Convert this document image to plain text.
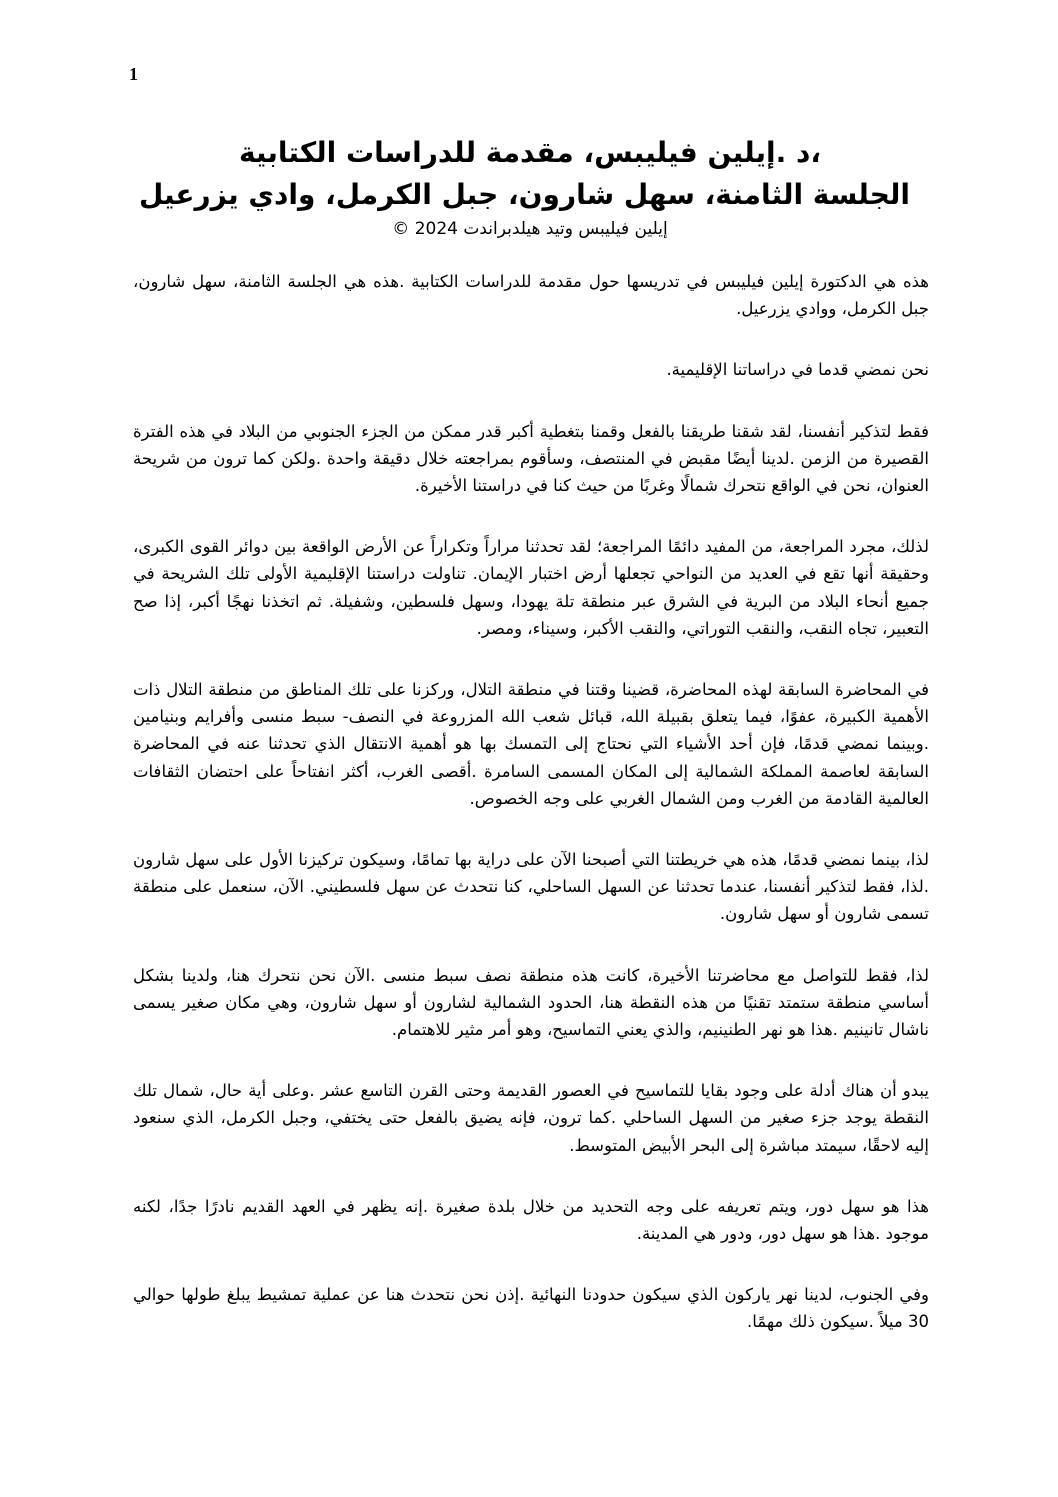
1
،د .إيلين فيليبس، مقدمة للدراسات الكتابية
الجلسة الثامنة، سهل شارون، جبل الكرمل، وادي يزرعيل
إيلين فيليبس وتيد هيلدبراندت 2024 ©

هذه هي الدكتورة إيلين فيليبس في تدريسها حول مقدمة للدراسات الكتابية .هذه هي الجلسة الثامنة، سهل شارون، جبل الكرمل، ووادي يزرعيل.

نحن نمضي قدما في دراساتنا الإقليمية.

فقط لتذكير أنفسنا، لقد شقنا طريقنا بالفعل وقمنا بتغطية أكبر قدر ممكن من الجزء الجنوبي من البلاد في هذه الفترة القصيرة من الزمن .لدينا أيضًا مقبض في المنتصف، وسأقوم بمراجعته خلال دقيقة واحدة .ولكن كما ترون من شريحة العنوان، نحن في الواقع نتحرك شمالًا وغربًا من حيث كنا في دراستنا الأخيرة.

لذلك، مجرد المراجعة، من المفيد دائمًا المراجعة؛ لقد تحدثنا مراراً وتكراراً عن الأرض الواقعة بين دوائر القوى الكبرى، وحقيقة أنها تقع في العديد من النواحي تجعلها أرض اختبار الإيمان. تناولت دراستنا الإقليمية الأولى تلك الشريحة في جميع أنحاء البلاد من البرية في الشرق عبر منطقة تلة يهودا، وسهل فلسطين، وشفيلة. ثم اتخذنا نهجًا أكبر، إذا صح التعبير، تجاه النقب، والنقب التوراتي، والنقب الأكبر، وسيناء، ومصر.

في المحاضرة السابقة لهذه المحاضرة، قضينا وقتنا في منطقة التلال، وركزنا على تلك المناطق من منطقة التلال ذات الأهمية الكبيرة، عفوًا، فيما يتعلق بقبيلة الله، قبائل شعب الله المزروعة في النصف- سبط منسى وأفرايم وبنيامين .وبينما نمضي قدمًا، فإن أحد الأشياء التي نحتاج إلى التمسك بها هو أهمية الانتقال الذي تحدثنا عنه في المحاضرة السابقة لعاصمة المملكة الشمالية إلى المكان المسمى السامرة .أقصى الغرب، أكثر انفتاحاً على احتضان الثقافات العالمية القادمة من الغرب ومن الشمال الغربي على وجه الخصوص.

لذا، بينما نمضي قدمًا، هذه هي خريطتنا التي أصبحنا الآن على دراية بها تمامًا، وسيكون تركيزنا الأول على سهل شارون .لذا، فقط لتذكير أنفسنا، عندما تحدثنا عن السهل الساحلي، كنا نتحدث عن سهل فلسطيني. الآن، سنعمل على منطقة تسمى شارون أو سهل شارون.

لذا، فقط للتواصل مع محاضرتنا الأخيرة، كانت هذه منطقة نصف سبط منسى .الآن نحن نتحرك هنا، ولدينا بشكل أساسي منطقة ستمتد تقنيًا من هذه النقطة هنا، الحدود الشمالية لشارون أو سهل شارون، وهي مكان صغير يسمى ناشال تانينيم .هذا هو نهر الطنينيم، والذي يعني التماسيح، وهو أمر مثير للاهتمام.

يبدو أن هناك أدلة على وجود بقايا للتماسيح في العصور القديمة وحتى القرن التاسع عشر .وعلى أية حال، شمال تلك النقطة يوجد جزء صغير من السهل الساحلي .كما ترون، فإنه يضيق بالفعل حتى يختفي، وجبل الكرمل، الذي سنعود إليه لاحقًا، سيمتد مباشرة إلى البحر الأبيض المتوسط.

هذا هو سهل دور، ويتم تعريفه على وجه التحديد من خلال بلدة صغيرة .إنه يظهر في العهد القديم نادرًا جدًا، لكنه موجود .هذا هو سهل دور، ودور هي المدينة.

وفي الجنوب، لدينا نهر ياركون الذي سيكون حدودنا النهائية .إذن نحن نتحدث هنا عن عملية تمشيط يبلغ طولها حوالي 30 ميلاً .سيكون ذلك مهمًا.
